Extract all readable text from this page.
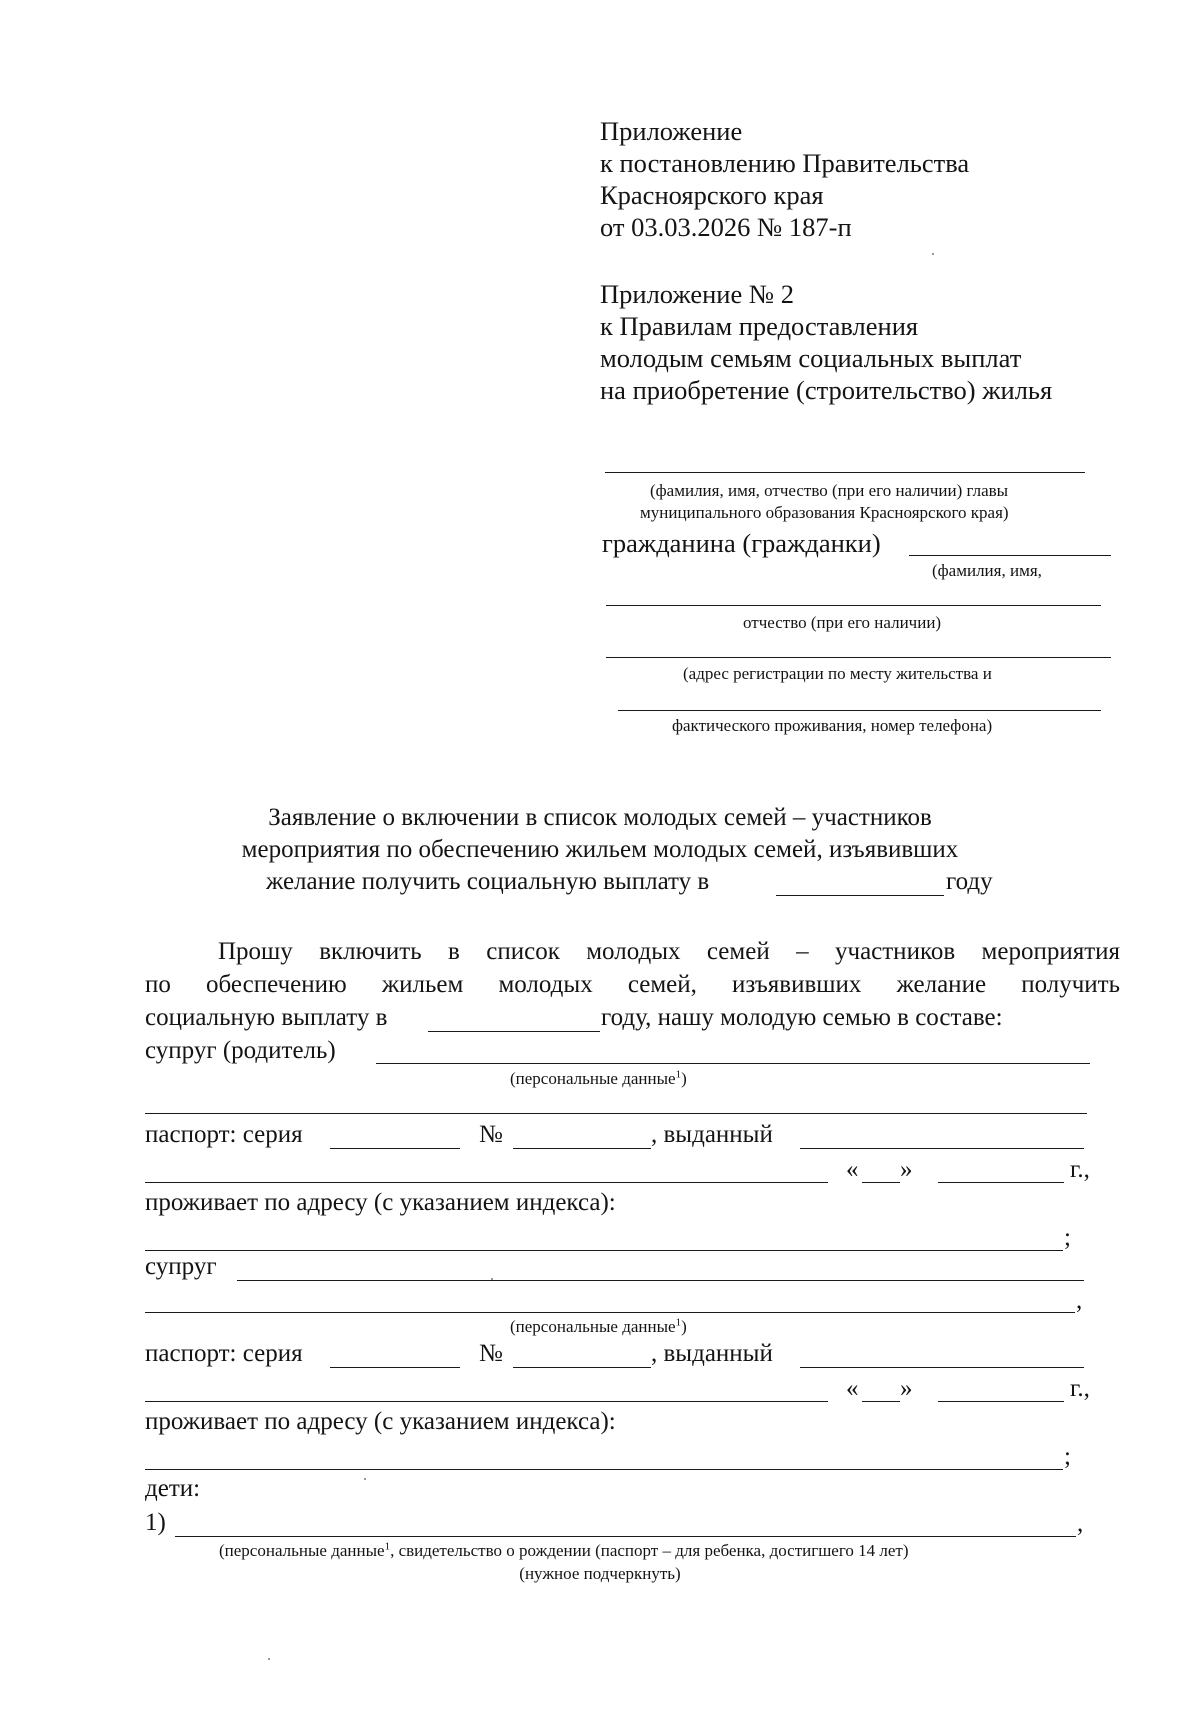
Приложение
к постановлению Правительства
Красноярского края
от 03.03.2026 № 187-п
Приложение № 2
к Правилам предоставления
молодым семьям социальных выплат
на приобретение (строительство) жилья
(фамилия, имя, отчество (при его наличии) главы
муниципального образования Красноярского края)
гражданина (гражданки)
(фамилия, имя,
отчество (при его наличии)
(адрес регистрации по месту жительства и
фактического проживания, номер телефона)
Заявление о включении в список молодых семей – участников
мероприятия по обеспечению жильем молодых семей, изъявивших
желание получить социальную выплату в	году
Прошу включить в список молодых семей – участников мероприятия
по обеспечению жильем молодых семей, изъявивших желание получить
социальную выплату в	году, нашу молодую семью в составе:
супруг (родитель)
(персональные данные$^1$)
паспорт: серия	№	, выданный
« »	г.,
проживает по адресу (с указанием индекса):
;
супруг
,
(персональные данные$^1$)
паспорт: серия	№	, выданный
« »	г.,
проживает по адресу (с указанием индекса):
;
дети:
1)	,
(персональные данные$^1$, свидетельство о рождении (паспорт – для ребенка, достигшего 14 лет)
(нужное подчеркнуть)
